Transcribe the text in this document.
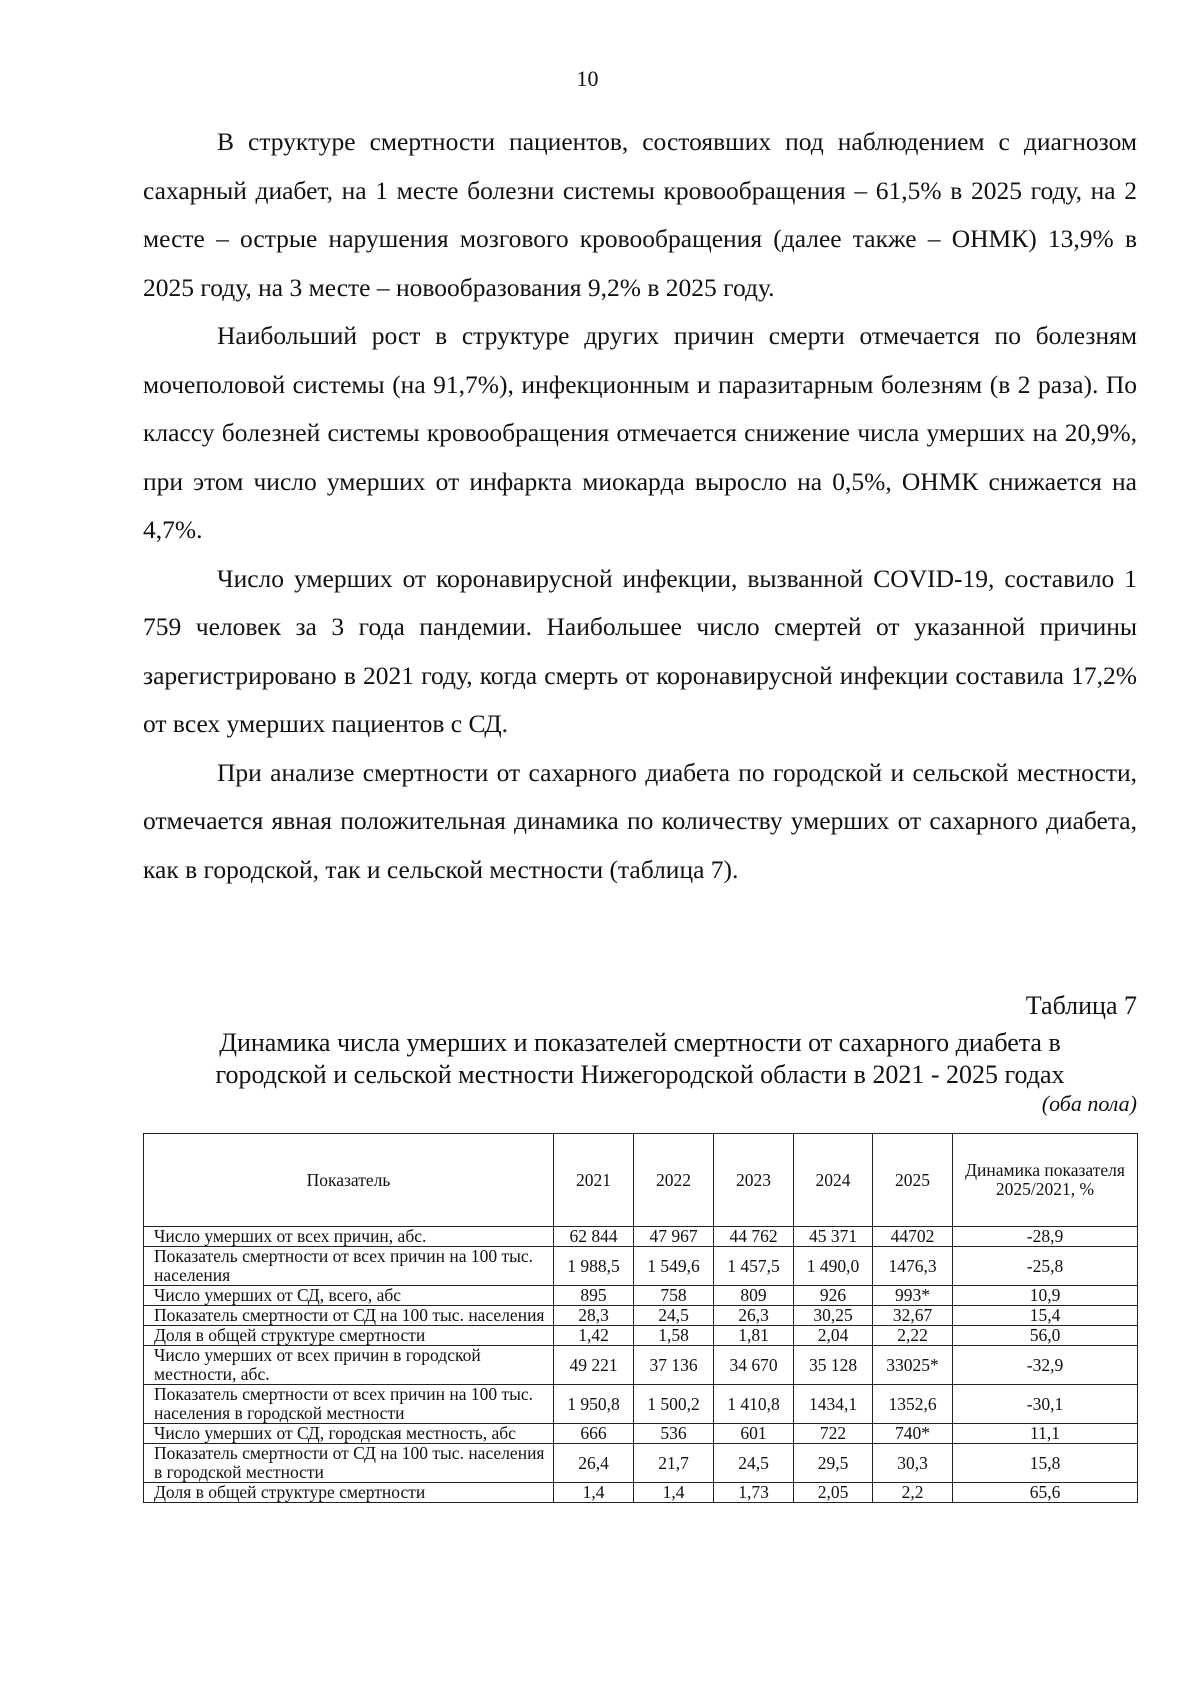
10

В структуре смертности пациентов, состоявших под наблюдением с диагнозом сахарный диабет, на 1 месте болезни системы кровообращения – 61,5% в 2025 году, на 2 месте – острые нарушения мозгового кровообращения (далее также – ОНМК) 13,9% в 2025 году, на 3 месте – новообразования 9,2% в 2025 году.

Наибольший рост в структуре других причин смерти отмечается по болезням мочеполовой системы (на 91,7%), инфекционным и паразитарным болезням (в 2 раза). По классу болезней системы кровообращения отмечается снижение числа умерших на 20,9%, при этом число умерших от инфаркта миокарда выросло на 0,5%, ОНМК снижается на 4,7%.

Число умерших от коронавирусной инфекции, вызванной COVID-19, составило 1 759 человек за 3 года пандемии. Наибольшее число смертей от указанной причины зарегистрировано в 2021 году, когда смерть от коронавирусной инфекции составила 17,2% от всех умерших пациентов с СД.

При анализе смертности от сахарного диабета по городской и сельской местности, отмечается явная положительная динамика по количеству умерших от сахарного диабета, как в городской, так и сельской местности (таблица 7).

Таблица 7
Динамика числа умерших и показателей смертности от сахарного диабета в
городской и сельской местности Нижегородской области в 2021 - 2025 годах
(оба пола)
Показатель	2021	2022	2023	2024	2025	Динамика показателя 2025/2021, %
Число умерших от всех причин, абс.	62 844	47 967	44 762	45 371	44702	-28,9
Показатель смертности от всех причин на 100 тыс. населения	1 988,5	1 549,6	1 457,5	1 490,0	1476,3	-25,8
Число умерших от СД, всего, абс	895	758	809	926	993*	10,9
Показатель смертности от СД на 100 тыс. населения	28,3	24,5	26,3	30,25	32,67	15,4
Доля в общей структуре смертности	1,42	1,58	1,81	2,04	2,22	56,0
Число умерших от всех причин в городской местности, абс.	49 221	37 136	34 670	35 128	33025*	-32,9
Показатель смертности от всех причин на 100 тыс. населения в городской местности	1 950,8	1 500,2	1 410,8	1434,1	1352,6	-30,1
Число умерших от СД, городская местность, абс	666	536	601	722	740*	11,1
Показатель смертности от СД на 100 тыс. населения в городской местности	26,4	21,7	24,5	29,5	30,3	15,8
Доля в общей структуре смертности	1,4	1,4	1,73	2,05	2,2	65,6
